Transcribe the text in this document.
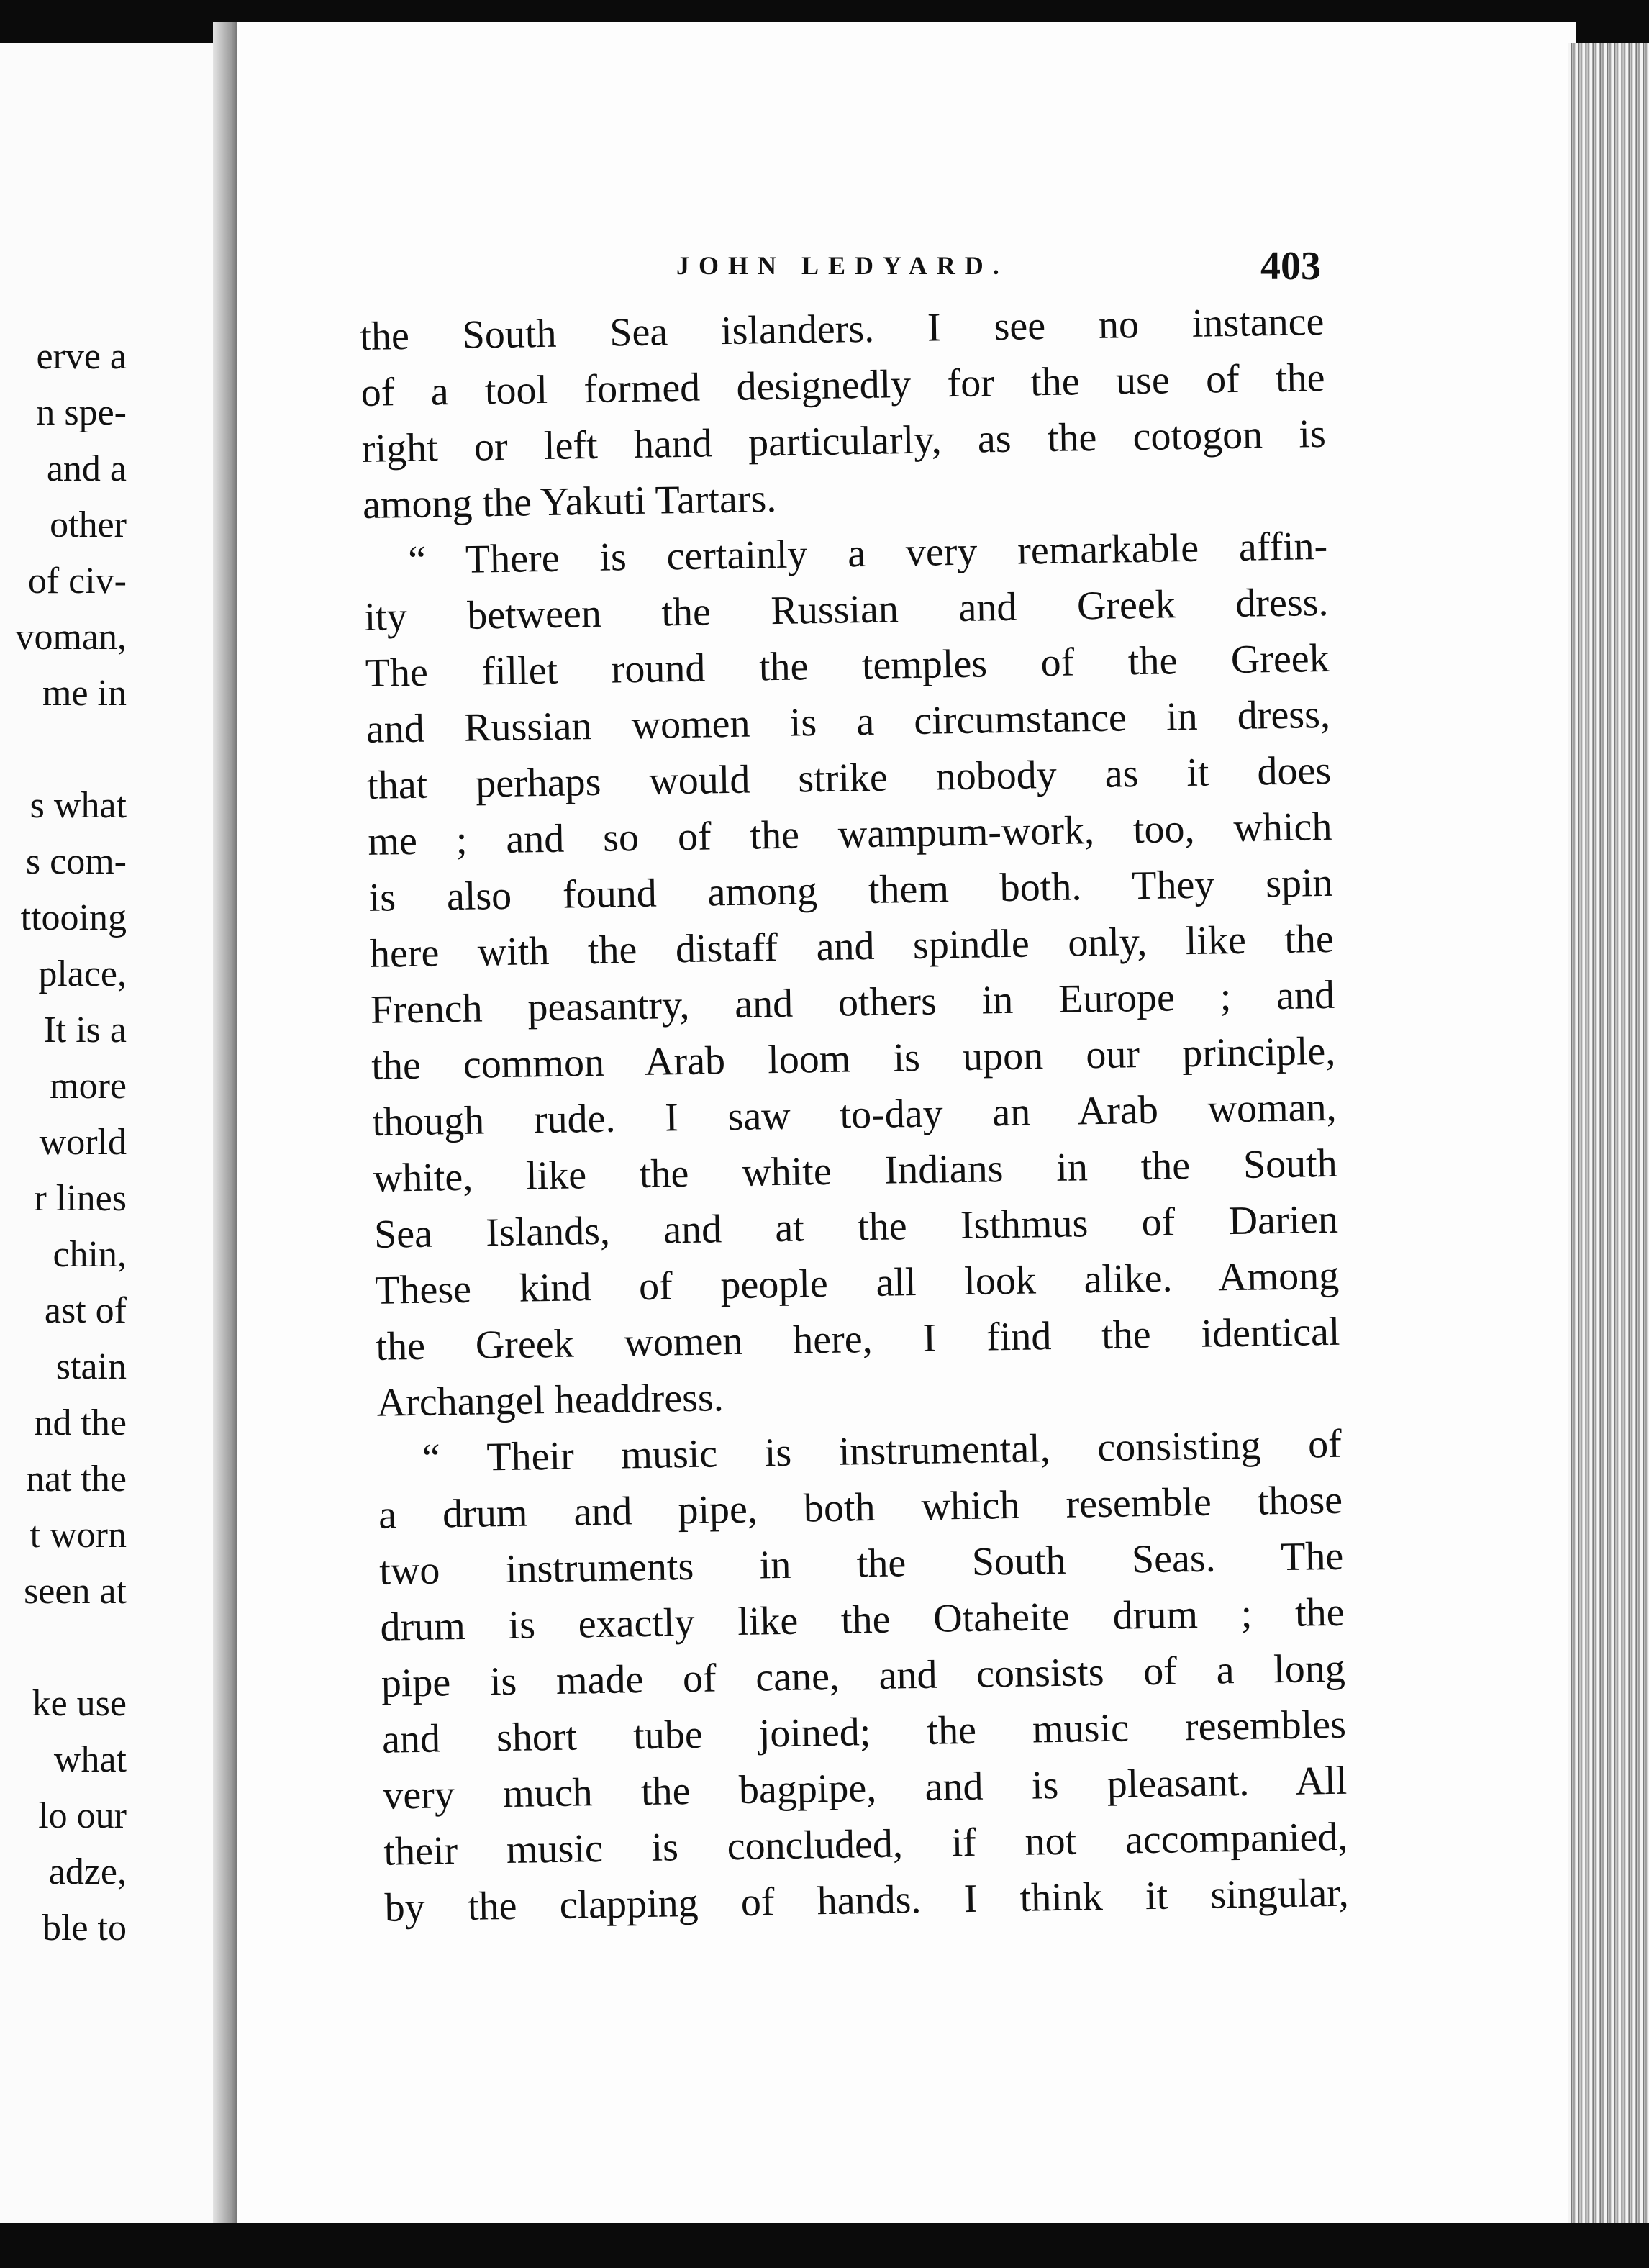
erve a
n spe-
and a
other
of civ-
voman,
me in
s what
s com-
ttooing
place,
It is a
more
world
r lines
chin,
ast of
stain
nd the
nat the
t worn
seen at
ke use
what
lo our
adze,
ble to
JOHN LEDYARD.	403
the South Sea islanders. I see no instance
of a tool formed designedly for the use of the
right or left hand particularly, as the cotogon is
among the Yakuti Tartars.
“ There is certainly a very remarkable affin-
ity between the Russian and Greek dress.
The fillet round the temples of the Greek
and Russian women is a circumstance in dress,
that perhaps would strike nobody as it does
me ; and so of the wampum-work, too, which
is also found among them both. They spin
here with the distaff and spindle only, like the
French peasantry, and others in Europe ; and
the common Arab loom is upon our principle,
though rude. I saw to-day an Arab woman,
white, like the white Indians in the South
Sea Islands, and at the Isthmus of Darien
These kind of people all look alike. Among
the Greek women here, I find the identical
Archangel headdress.
“ Their music is instrumental, consisting of
a drum and pipe, both which resemble those
two instruments in the South Seas. The
drum is exactly like the Otaheite drum ; the
pipe is made of cane, and consists of a long
and short tube joined; the music resembles
very much the bagpipe, and is pleasant. All
their music is concluded, if not accompanied,
by the clapping of hands. I think it singular,
